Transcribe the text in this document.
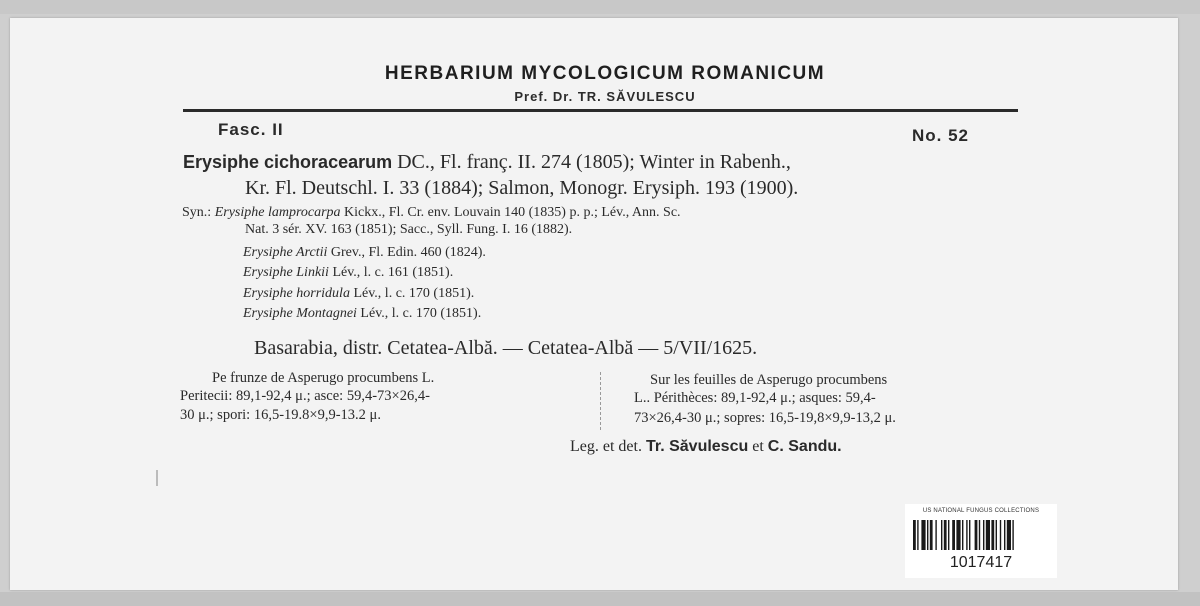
HERBARIUM MYCOLOGICUM ROMANICUM
Pref. Dr. TR. SĂVULESCU
Fasc. II	No. 52
Erysiphe cichoracearum DC., Fl. franç. II. 274 (1805); Winter in Rabenh.,
Kr. Fl. Deutschl. I. 33 (1884); Salmon, Monogr. Erysiph. 193 (1900).
Syn.: Erysiphe lamprocarpa Kickx., Fl. Cr. env. Louvain 140 (1835) p. p.; Lév., Ann. Sc.
Nat. 3 sér. XV. 163 (1851); Sacc., Syll. Fung. I. 16 (1882).
Erysiphe Arctii Grev., Fl. Edin. 460 (1824).
Erysiphe Linkii Lév., l. c. 161 (1851).
Erysiphe horridula Lév., l. c. 170 (1851).
Erysiphe Montagnei Lév., l. c. 170 (1851).
Basarabia, distr. Cetatea-Albă. — Cetatea-Albă — 5/VII/1625.
Pe frunze de Asperugo procumbens L.
Peritecii: 89,1-92,4 μ.; asce: 59,4-73×26,4-
30 μ.; spori: 16,5-19.8×9,9-13.2 μ.
Sur les feuilles de Asperugo procumbens
L.. Périthèces: 89,1-92,4 μ.; asques: 59,4-
73×26,4-30 μ.; sopres: 16,5-19,8×9,9-13,2 μ.
Leg. et det. Tr. Săvulescu et C. Sandu.
US NATIONAL FUNGUS COLLECTIONS
1017417
